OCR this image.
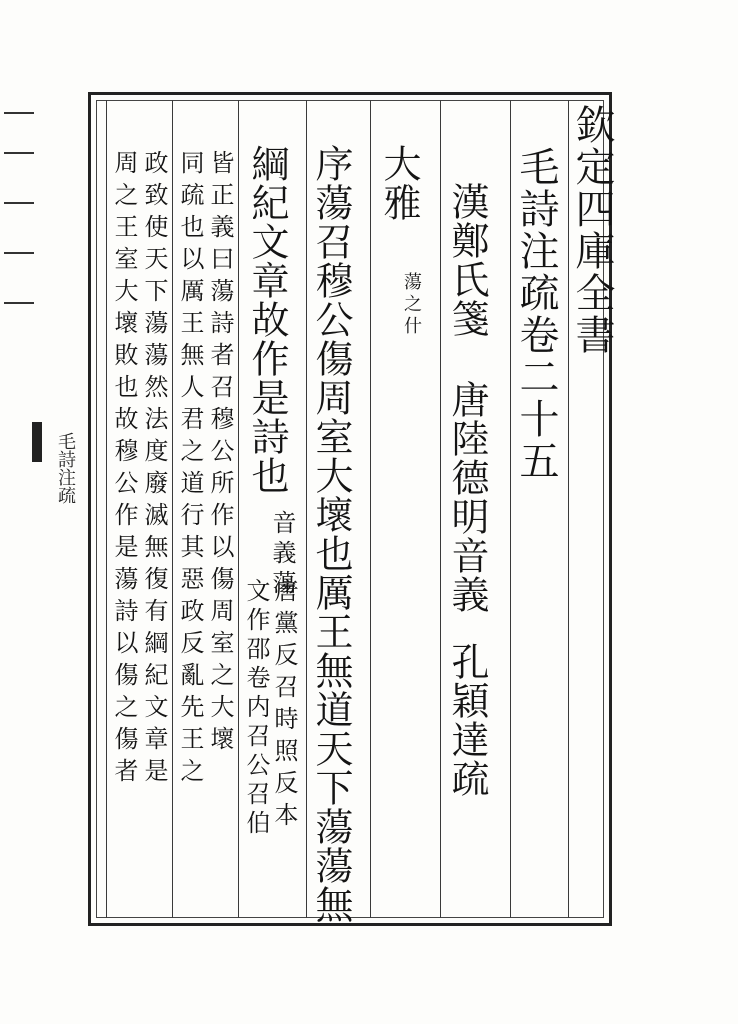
欽定四庫全書
毛詩注疏卷二十五
漢鄭氏箋
唐陸德明音義
孔穎達疏
大雅
蕩之什
序蕩召穆公傷周室大壞也厲王無道天下蕩蕩無
綱紀文章故作是詩也
音義蕩
唐黨反召時照反本
文作邵卷内召公召伯
皆正義曰蕩詩者召穆公所作以傷周室之大壞
同疏也以厲王無人君之道行其惡政反亂先王之
政致使天下蕩蕩然法度廢滅無復有綱紀文章是
周之王室大壞敗也故穆公作是蕩詩以傷之傷者
毛詩注疏
